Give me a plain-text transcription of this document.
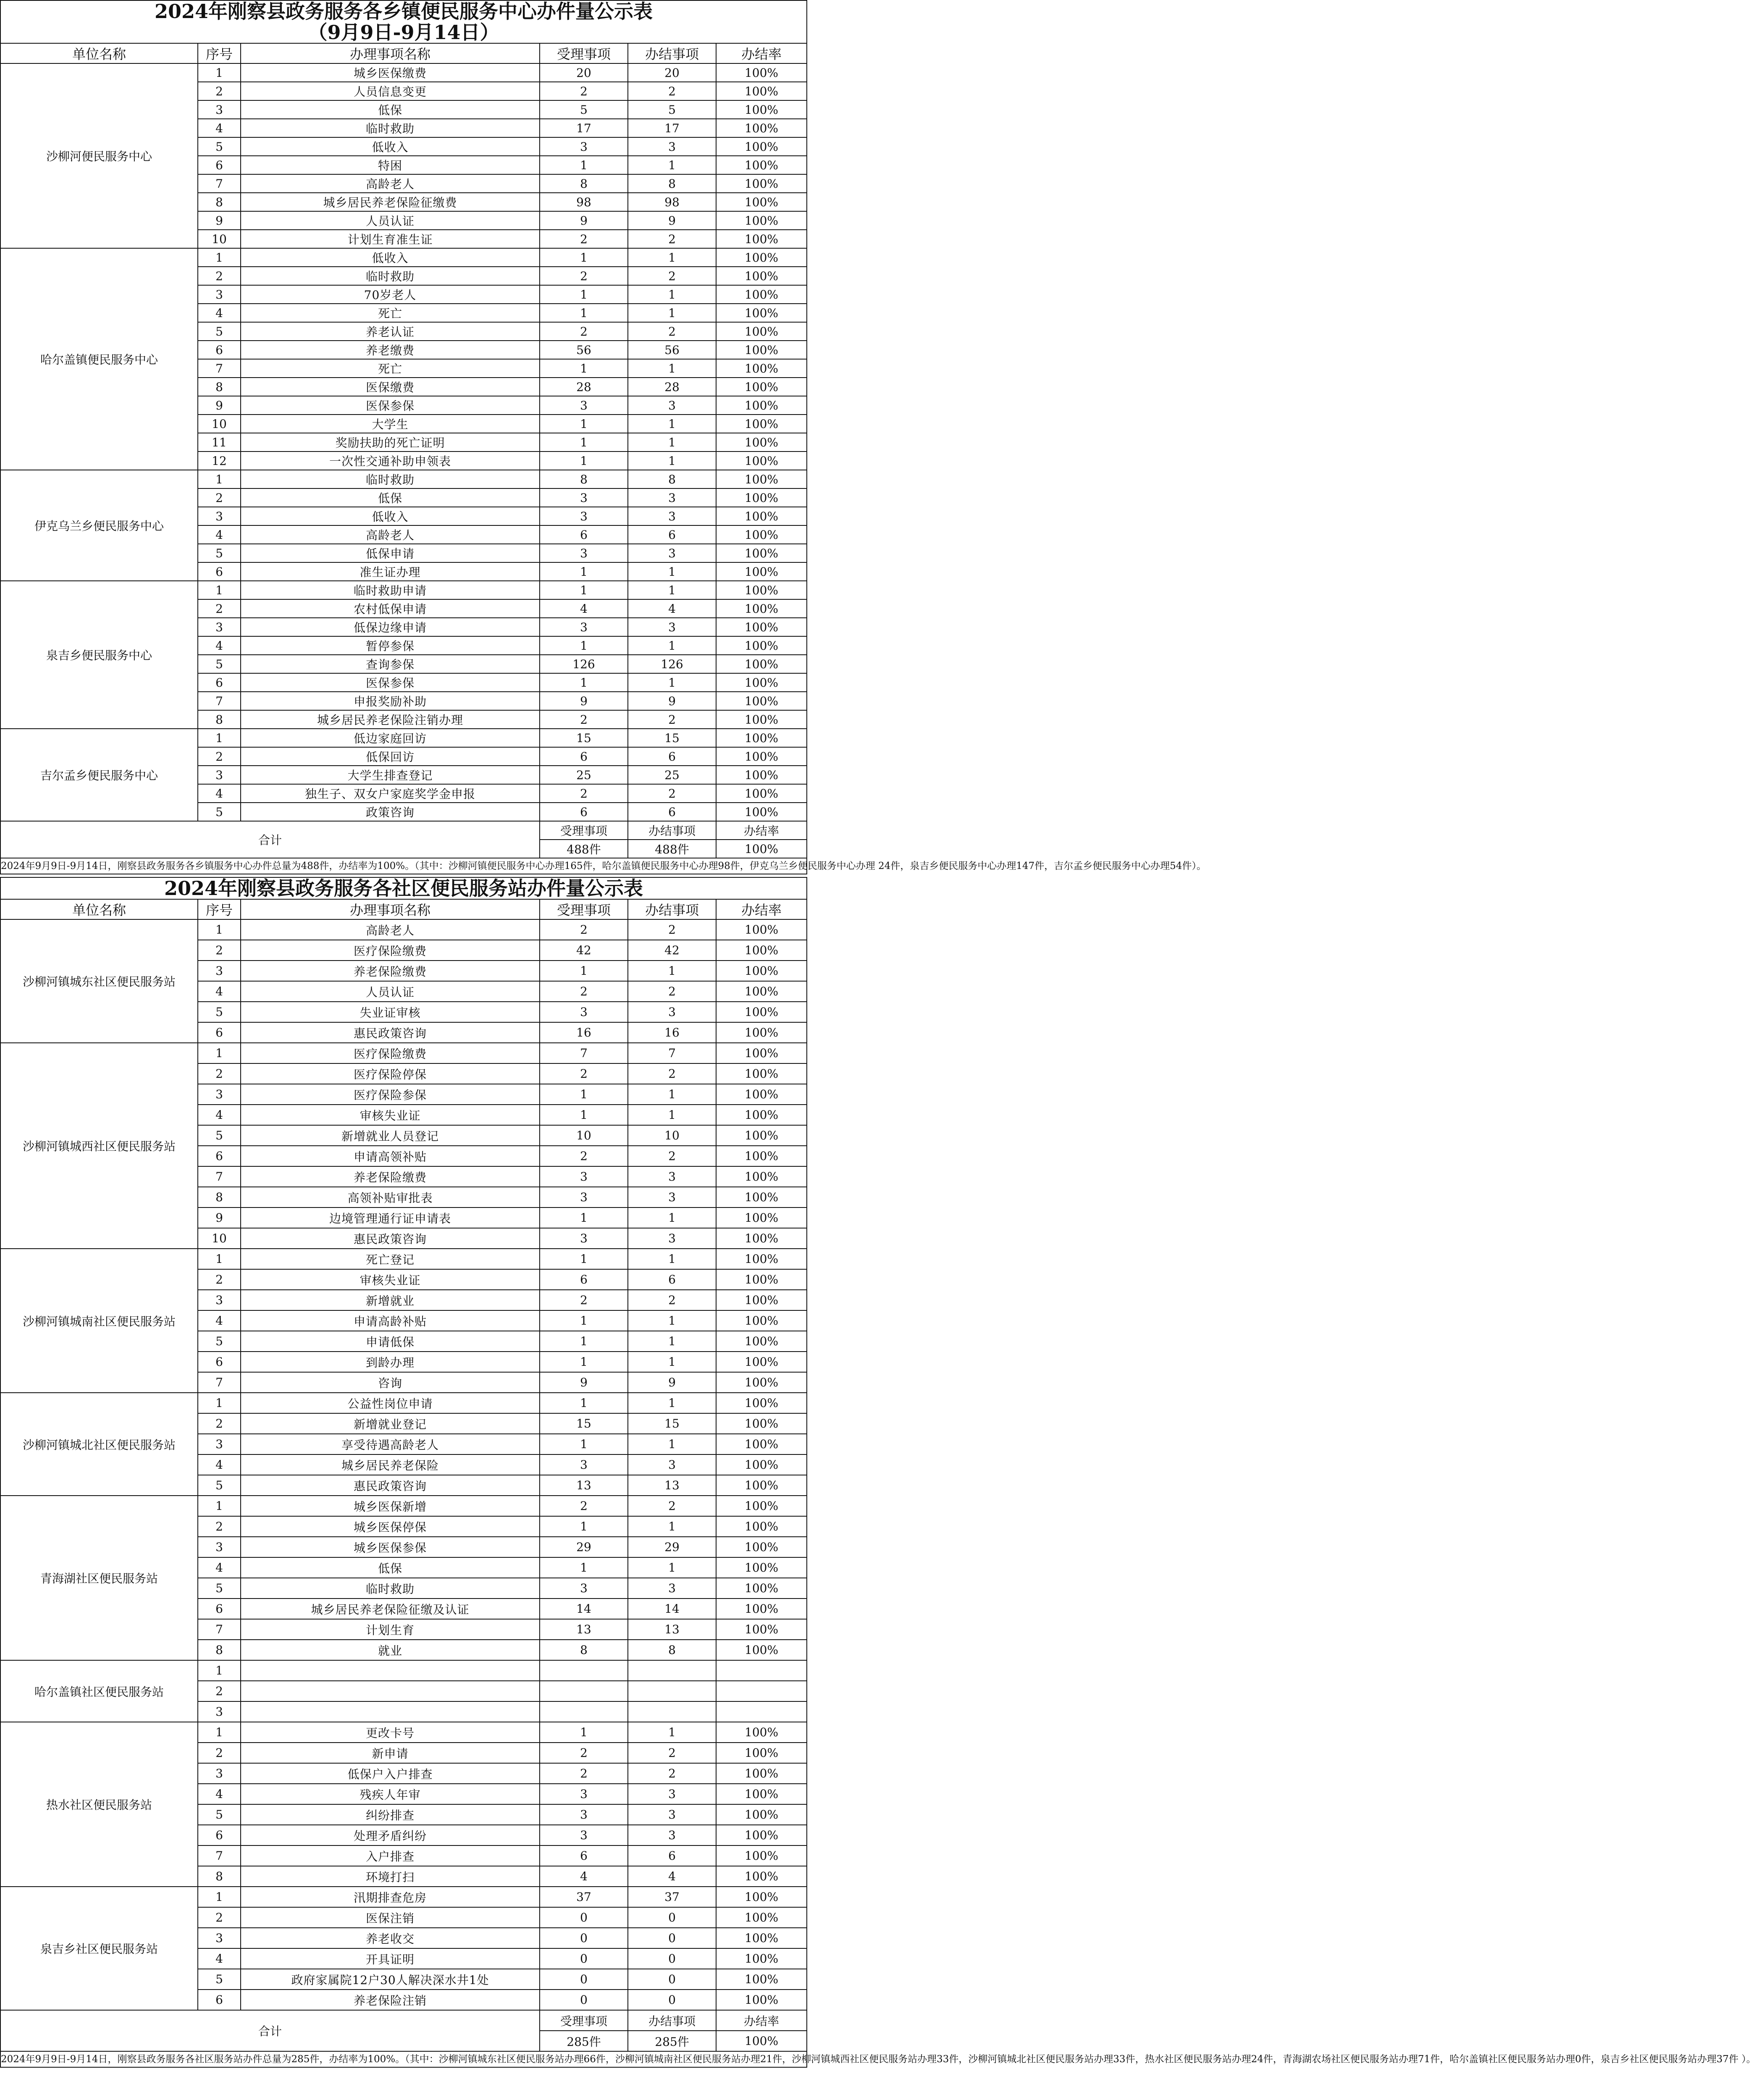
2024年刚察县政务服务各乡镇便民服务中心办件量公示表
（9月9日-9月14日）					

单位名称	序号	办理事项名称	受理事项	办结事项	办结率
沙柳河便民服务中心	1	城乡医保缴费	20	20	100%
	2	人员信息变更	2	2	100%
	3	低保	5	5	100%
	4	临时救助	17	17	100%
	5	低收入	3	3	100%
	6	特困	1	1	100%
	7	高龄老人	8	8	100%
	8	城乡居民养老保险征缴费	98	98	100%
	9	人员认证	9	9	100%
	10	计划生育准生证	2	2	100%
哈尔盖镇便民服务中心	1	低收入	1	1	100%
	2	临时救助	2	2	100%
	3	70岁老人	1	1	100%
	4	死亡	1	1	100%
	5	养老认证	2	2	100%
	6	养老缴费	56	56	100%
	7	死亡	1	1	100%
	8	医保缴费	28	28	100%
	9	医保参保	3	3	100%
	10	大学生	1	1	100%
	11	奖励扶助的死亡证明	1	1	100%
	12	一次性交通补助申领表	1	1	100%
伊克乌兰乡便民服务中心	1	临时救助	8	8	100%
	2	低保	3	3	100%
	3	低收入	3	3	100%
	4	高龄老人	6	6	100%
	5	低保申请	3	3	100%
	6	准生证办理	1	1	100%
泉吉乡便民服务中心	1	临时救助申请	1	1	100%
	2	农村低保申请	4	4	100%
	3	低保边缘申请	3	3	100%
	4	暂停参保	1	1	100%
	5	查询参保	126	126	100%
	6	医保参保	1	1	100%
	7	申报奖励补助	9	9	100%
	8	城乡居民养老保险注销办理	2	2	100%
吉尔孟乡便民服务中心	1	低边家庭回访	15	15	100%
	2	低保回访	6	6	100%
	3	大学生排查登记	25	25	100%
	4	独生子、双女户家庭奖学金申报	2	2	100%
	5	政策咨询	6	6	100%
合计			受理事项	办结事项	办结率
			488件	488件	100%
2024年9月9日-9月14日，刚察县政务服务各乡镇服务中心办件总量为488件，办结率为100%。（其中：沙柳河镇便民服务中心办理165件，哈尔盖镇便民服务中心办理98件，伊克乌兰乡便民服务中心办理 24件，泉吉乡便民服务中心办理147件，吉尔孟乡便民服务中心办理54件）。					
2024年刚察县政务服务各社区便民服务站办件量公示表					

单位名称	序号	办理事项名称	受理事项	办结事项	办结率
沙柳河镇城东社区便民服务站	1	高龄老人	2	2	100%
	2	医疗保险缴费	42	42	100%
	3	养老保险缴费	1	1	100%
	4	人员认证	2	2	100%
	5	失业证审核	3	3	100%
	6	惠民政策咨询	16	16	100%
沙柳河镇城西社区便民服务站	1	医疗保险缴费	7	7	100%
	2	医疗保险停保	2	2	100%
	3	医疗保险参保	1	1	100%
	4	审核失业证	1	1	100%
	5	新增就业人员登记	10	10	100%
	6	申请高领补贴	2	2	100%
	7	养老保险缴费	3	3	100%
	8	高领补贴审批表	3	3	100%
	9	边境管理通行证申请表	1	1	100%
	10	惠民政策咨询	3	3	100%
沙柳河镇城南社区便民服务站	1	死亡登记	1	1	100%
	2	审核失业证	6	6	100%
	3	新增就业	2	2	100%
	4	申请高龄补贴	1	1	100%
	5	申请低保	1	1	100%
	6	到龄办理	1	1	100%
	7	咨询	9	9	100%
沙柳河镇城北社区便民服务站	1	公益性岗位申请	1	1	100%
	2	新增就业登记	15	15	100%
	3	享受待遇高龄老人	1	1	100%
	4	城乡居民养老保险	3	3	100%
	5	惠民政策咨询	13	13	100%
青海湖社区便民服务站	1	城乡医保新增	2	2	100%
	2	城乡医保停保	1	1	100%
	3	城乡医保参保	29	29	100%
	4	低保	1	1	100%
	5	临时救助	3	3	100%
	6	城乡居民养老保险征缴及认证	14	14	100%
	7	计划生育	13	13	100%
	8	就业	8	8	100%
哈尔盖镇社区便民服务站	1				
	2				
	3				
热水社区便民服务站	1	更改卡号	1	1	100%
	2	新申请	2	2	100%
	3	低保户入户排查	2	2	100%
	4	残疾人年审	3	3	100%
	5	纠纷排查	3	3	100%
	6	处理矛盾纠纷	3	3	100%
	7	入户排查	6	6	100%
	8	环境打扫	4	4	100%
泉吉乡社区便民服务站	1	汛期排查危房	37	37	100%
	2	医保注销	0	0	100%
	3	养老收交	0	0	100%
	4	开具证明	0	0	100%
	5	政府家属院12户30人解决深水井1处	0	0	100%
	6	养老保险注销	0	0	100%
合计			受理事项	办结事项	办结率
			285件	285件	100%
2024年9月9日-9月14日，刚察县政务服务各社区服务站办件总量为285件，办结率为100%。（其中：沙柳河镇城东社区便民服务站办理66件，沙柳河镇城南社区便民服务站办理21件，沙柳河镇城西社区便民服务站办理33件，沙柳河镇城北社区便民服务站办理33件，热水社区便民服务站办理24件，青海湖农场社区便民服务站办理71件，哈尔盖镇社区便民服务站办理0件，泉吉乡社区便民服务站办理37件 ）。					
